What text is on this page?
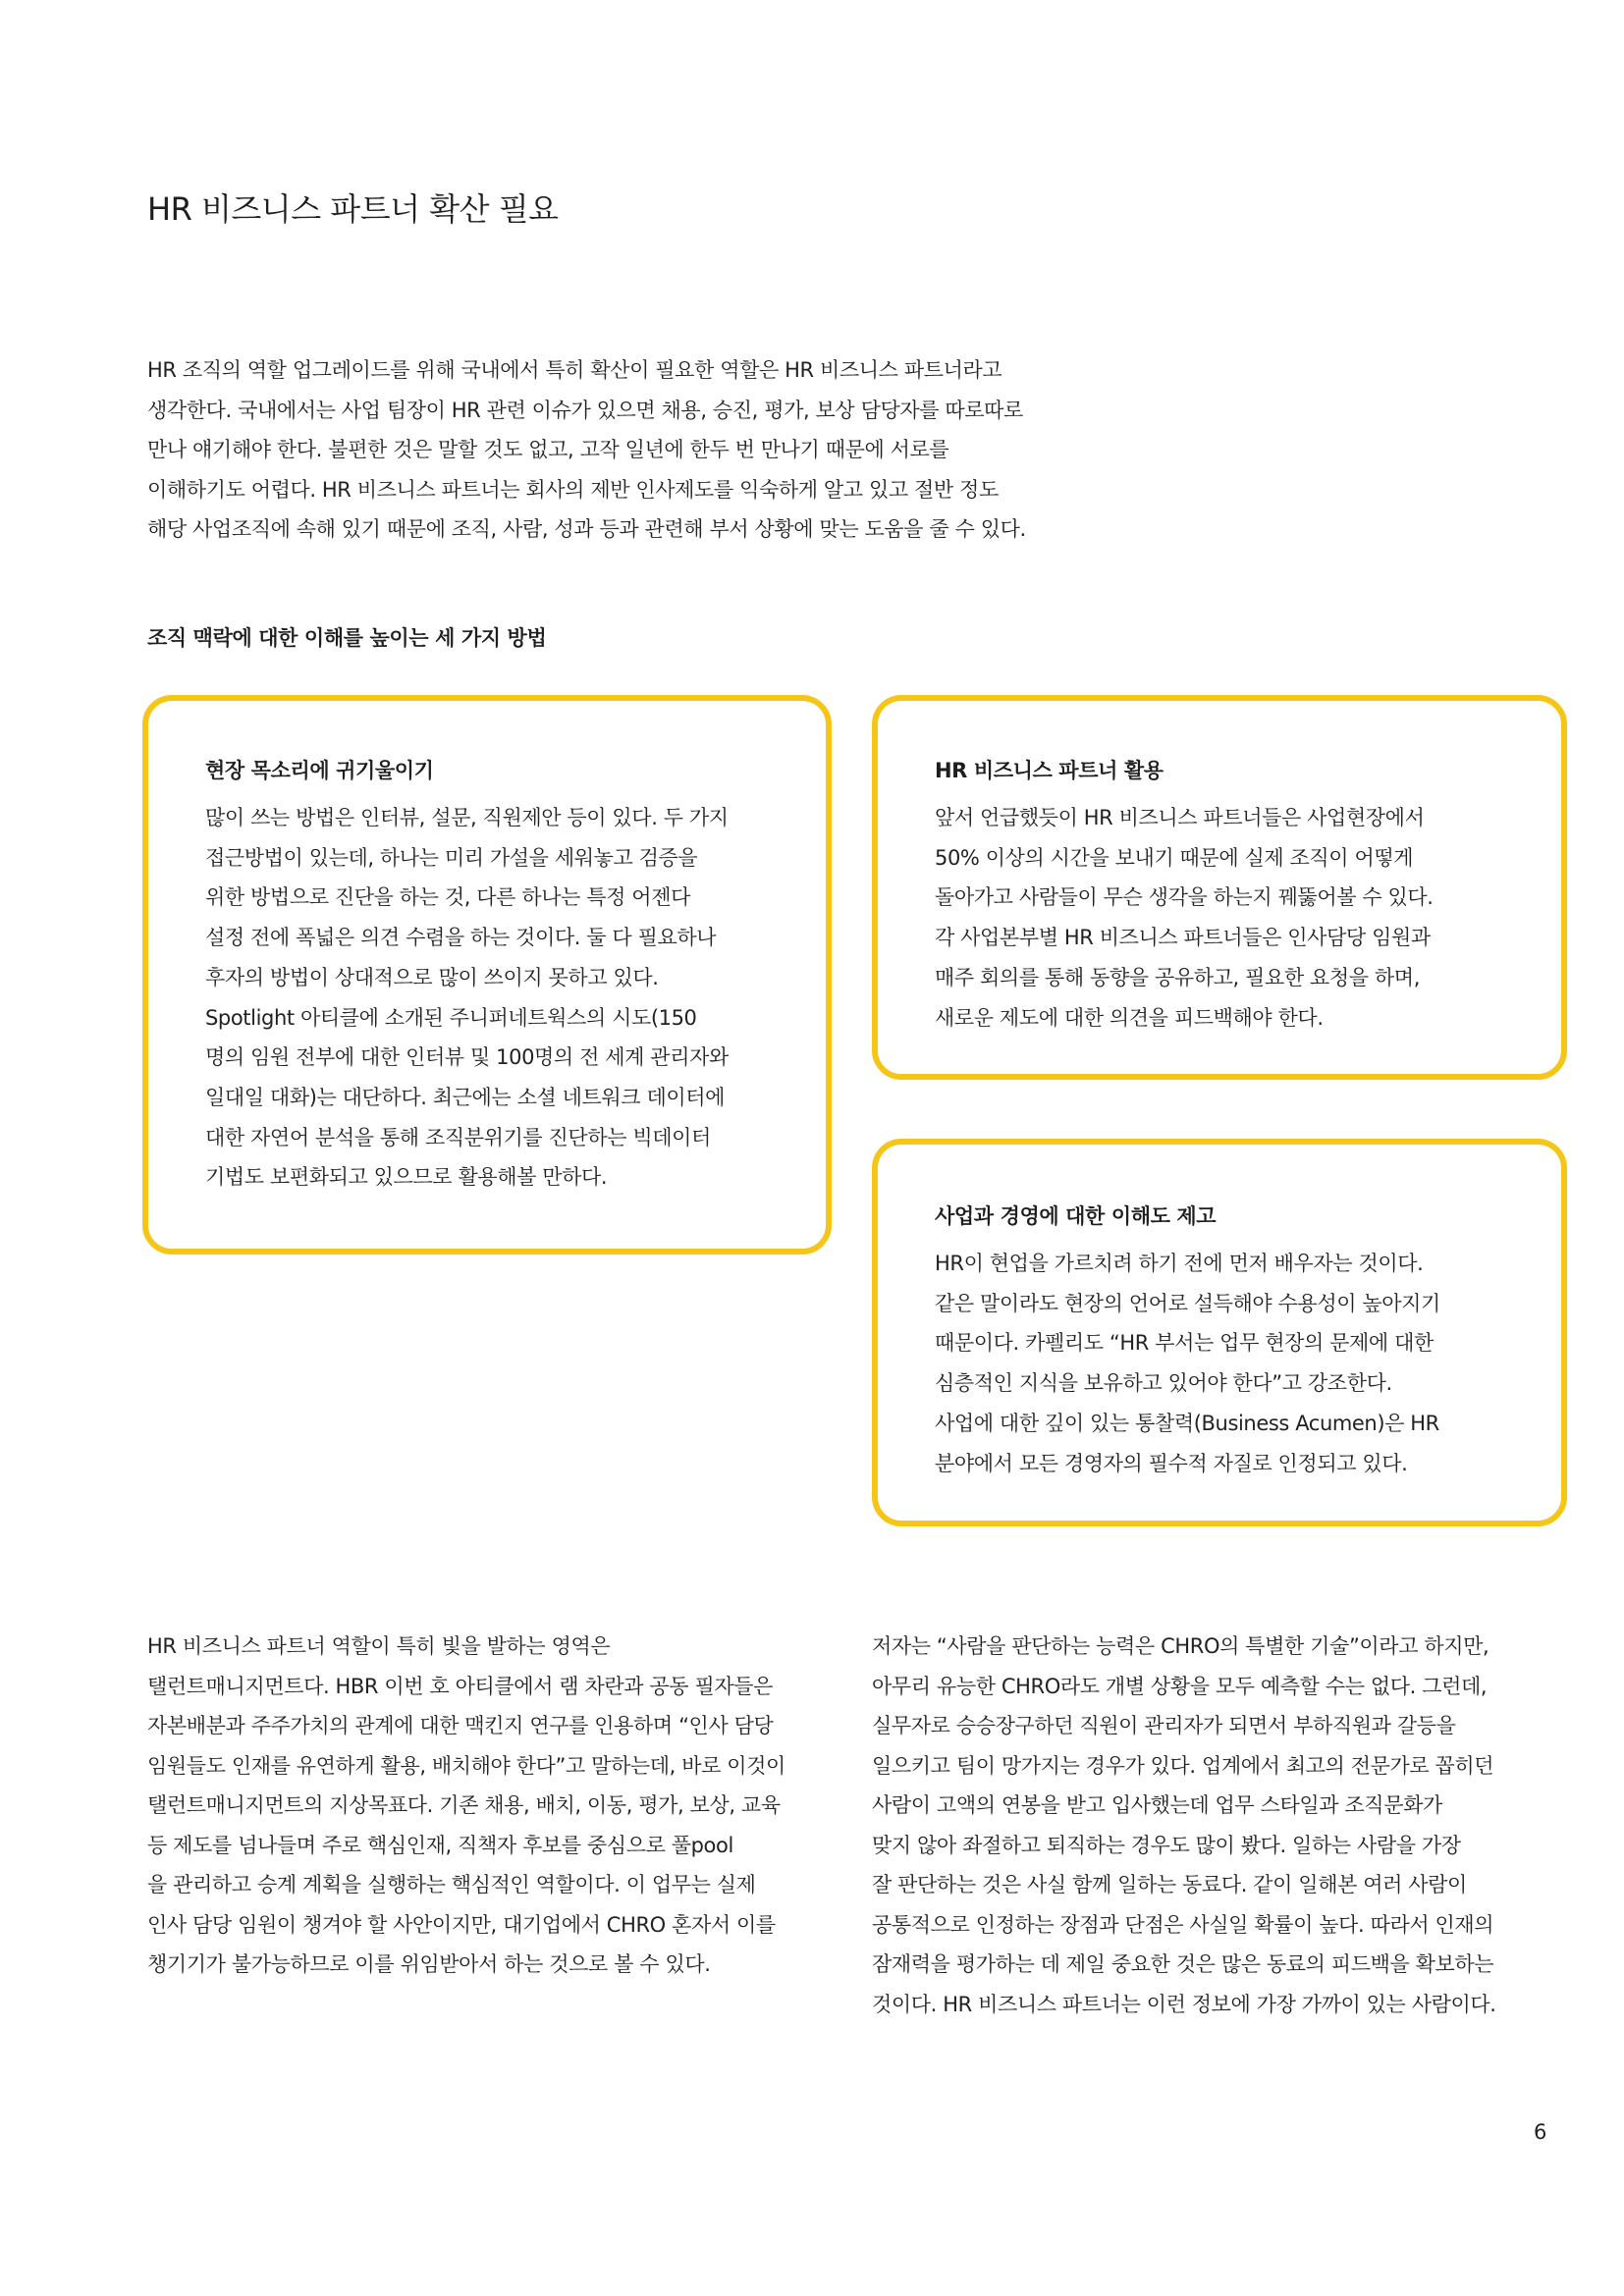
HR 비즈니스 파트너 확산 필요
HR 조직의 역할 업그레이드를 위해 국내에서 특히 확산이 필요한 역할은 HR 비즈니스 파트너라고
생각한다. 국내에서는 사업 팀장이 HR 관련 이슈가 있으면 채용, 승진, 평가, 보상 담당자를 따로따로
만나 얘기해야 한다. 불편한 것은 말할 것도 없고, 고작 일년에 한두 번 만나기 때문에 서로를
이해하기도 어렵다. HR 비즈니스 파트너는 회사의 제반 인사제도를 익숙하게 알고 있고 절반 정도
해당 사업조직에 속해 있기 때문에 조직, 사람, 성과 등과 관련해 부서 상황에 맞는 도움을 줄 수 있다.
조직 맥락에 대한 이해를 높이는 세 가지 방법
현장 목소리에 귀기울이기
많이 쓰는 방법은 인터뷰, 설문, 직원제안 등이 있다. 두 가지
접근방법이 있는데, 하나는 미리 가설을 세워놓고 검증을
위한 방법으로 진단을 하는 것, 다른 하나는 특정 어젠다
설정 전에 폭넓은 의견 수렴을 하는 것이다. 둘 다 필요하나
후자의 방법이 상대적으로 많이 쓰이지 못하고 있다.
Spotlight 아티클에 소개된 주니퍼네트웍스의 시도(150
명의 임원 전부에 대한 인터뷰 및 100명의 전 세계 관리자와
일대일 대화)는 대단하다. 최근에는 소셜 네트워크 데이터에
대한 자연어 분석을 통해 조직분위기를 진단하는 빅데이터
기법도 보편화되고 있으므로 활용해볼 만하다.
HR 비즈니스 파트너 활용
앞서 언급했듯이 HR 비즈니스 파트너들은 사업현장에서
50% 이상의 시간을 보내기 때문에 실제 조직이 어떻게
돌아가고 사람들이 무슨 생각을 하는지 꿰뚫어볼 수 있다.
각 사업본부별 HR 비즈니스 파트너들은 인사담당 임원과
매주 회의를 통해 동향을 공유하고, 필요한 요청을 하며,
새로운 제도에 대한 의견을 피드백해야 한다.
사업과 경영에 대한 이해도 제고
HR이 현업을 가르치려 하기 전에 먼저 배우자는 것이다.
같은 말이라도 현장의 언어로 설득해야 수용성이 높아지기
때문이다. 카펠리도 “HR 부서는 업무 현장의 문제에 대한
심층적인 지식을 보유하고 있어야 한다”고 강조한다.
사업에 대한 깊이 있는 통찰력(Business Acumen)은 HR
분야에서 모든 경영자의 필수적 자질로 인정되고 있다.
HR 비즈니스 파트너 역할이 특히 빛을 발하는 영역은
탤런트매니지먼트다. HBR 이번 호 아티클에서 램 차란과 공동 필자들은
자본배분과 주주가치의 관계에 대한 맥킨지 연구를 인용하며 “인사 담당
임원들도 인재를 유연하게 활용, 배치해야 한다”고 말하는데, 바로 이것이
탤런트매니지먼트의 지상목표다. 기존 채용, 배치, 이동, 평가, 보상, 교육
등 제도를 넘나들며 주로 핵심인재, 직책자 후보를 중심으로 풀pool
을 관리하고 승계 계획을 실행하는 핵심적인 역할이다. 이 업무는 실제
인사 담당 임원이 챙겨야 할 사안이지만, 대기업에서 CHRO 혼자서 이를
챙기기가 불가능하므로 이를 위임받아서 하는 것으로 볼 수 있다.
저자는 “사람을 판단하는 능력은 CHRO의 특별한 기술”이라고 하지만,
아무리 유능한 CHRO라도 개별 상황을 모두 예측할 수는 없다. 그런데,
실무자로 승승장구하던 직원이 관리자가 되면서 부하직원과 갈등을
일으키고 팀이 망가지는 경우가 있다. 업계에서 최고의 전문가로 꼽히던
사람이 고액의 연봉을 받고 입사했는데 업무 스타일과 조직문화가
맞지 않아 좌절하고 퇴직하는 경우도 많이 봤다. 일하는 사람을 가장
잘 판단하는 것은 사실 함께 일하는 동료다. 같이 일해본 여러 사람이
공통적으로 인정하는 장점과 단점은 사실일 확률이 높다. 따라서 인재의
잠재력을 평가하는 데 제일 중요한 것은 많은 동료의 피드백을 확보하는
것이다. HR 비즈니스 파트너는 이런 정보에 가장 가까이 있는 사람이다.
6
